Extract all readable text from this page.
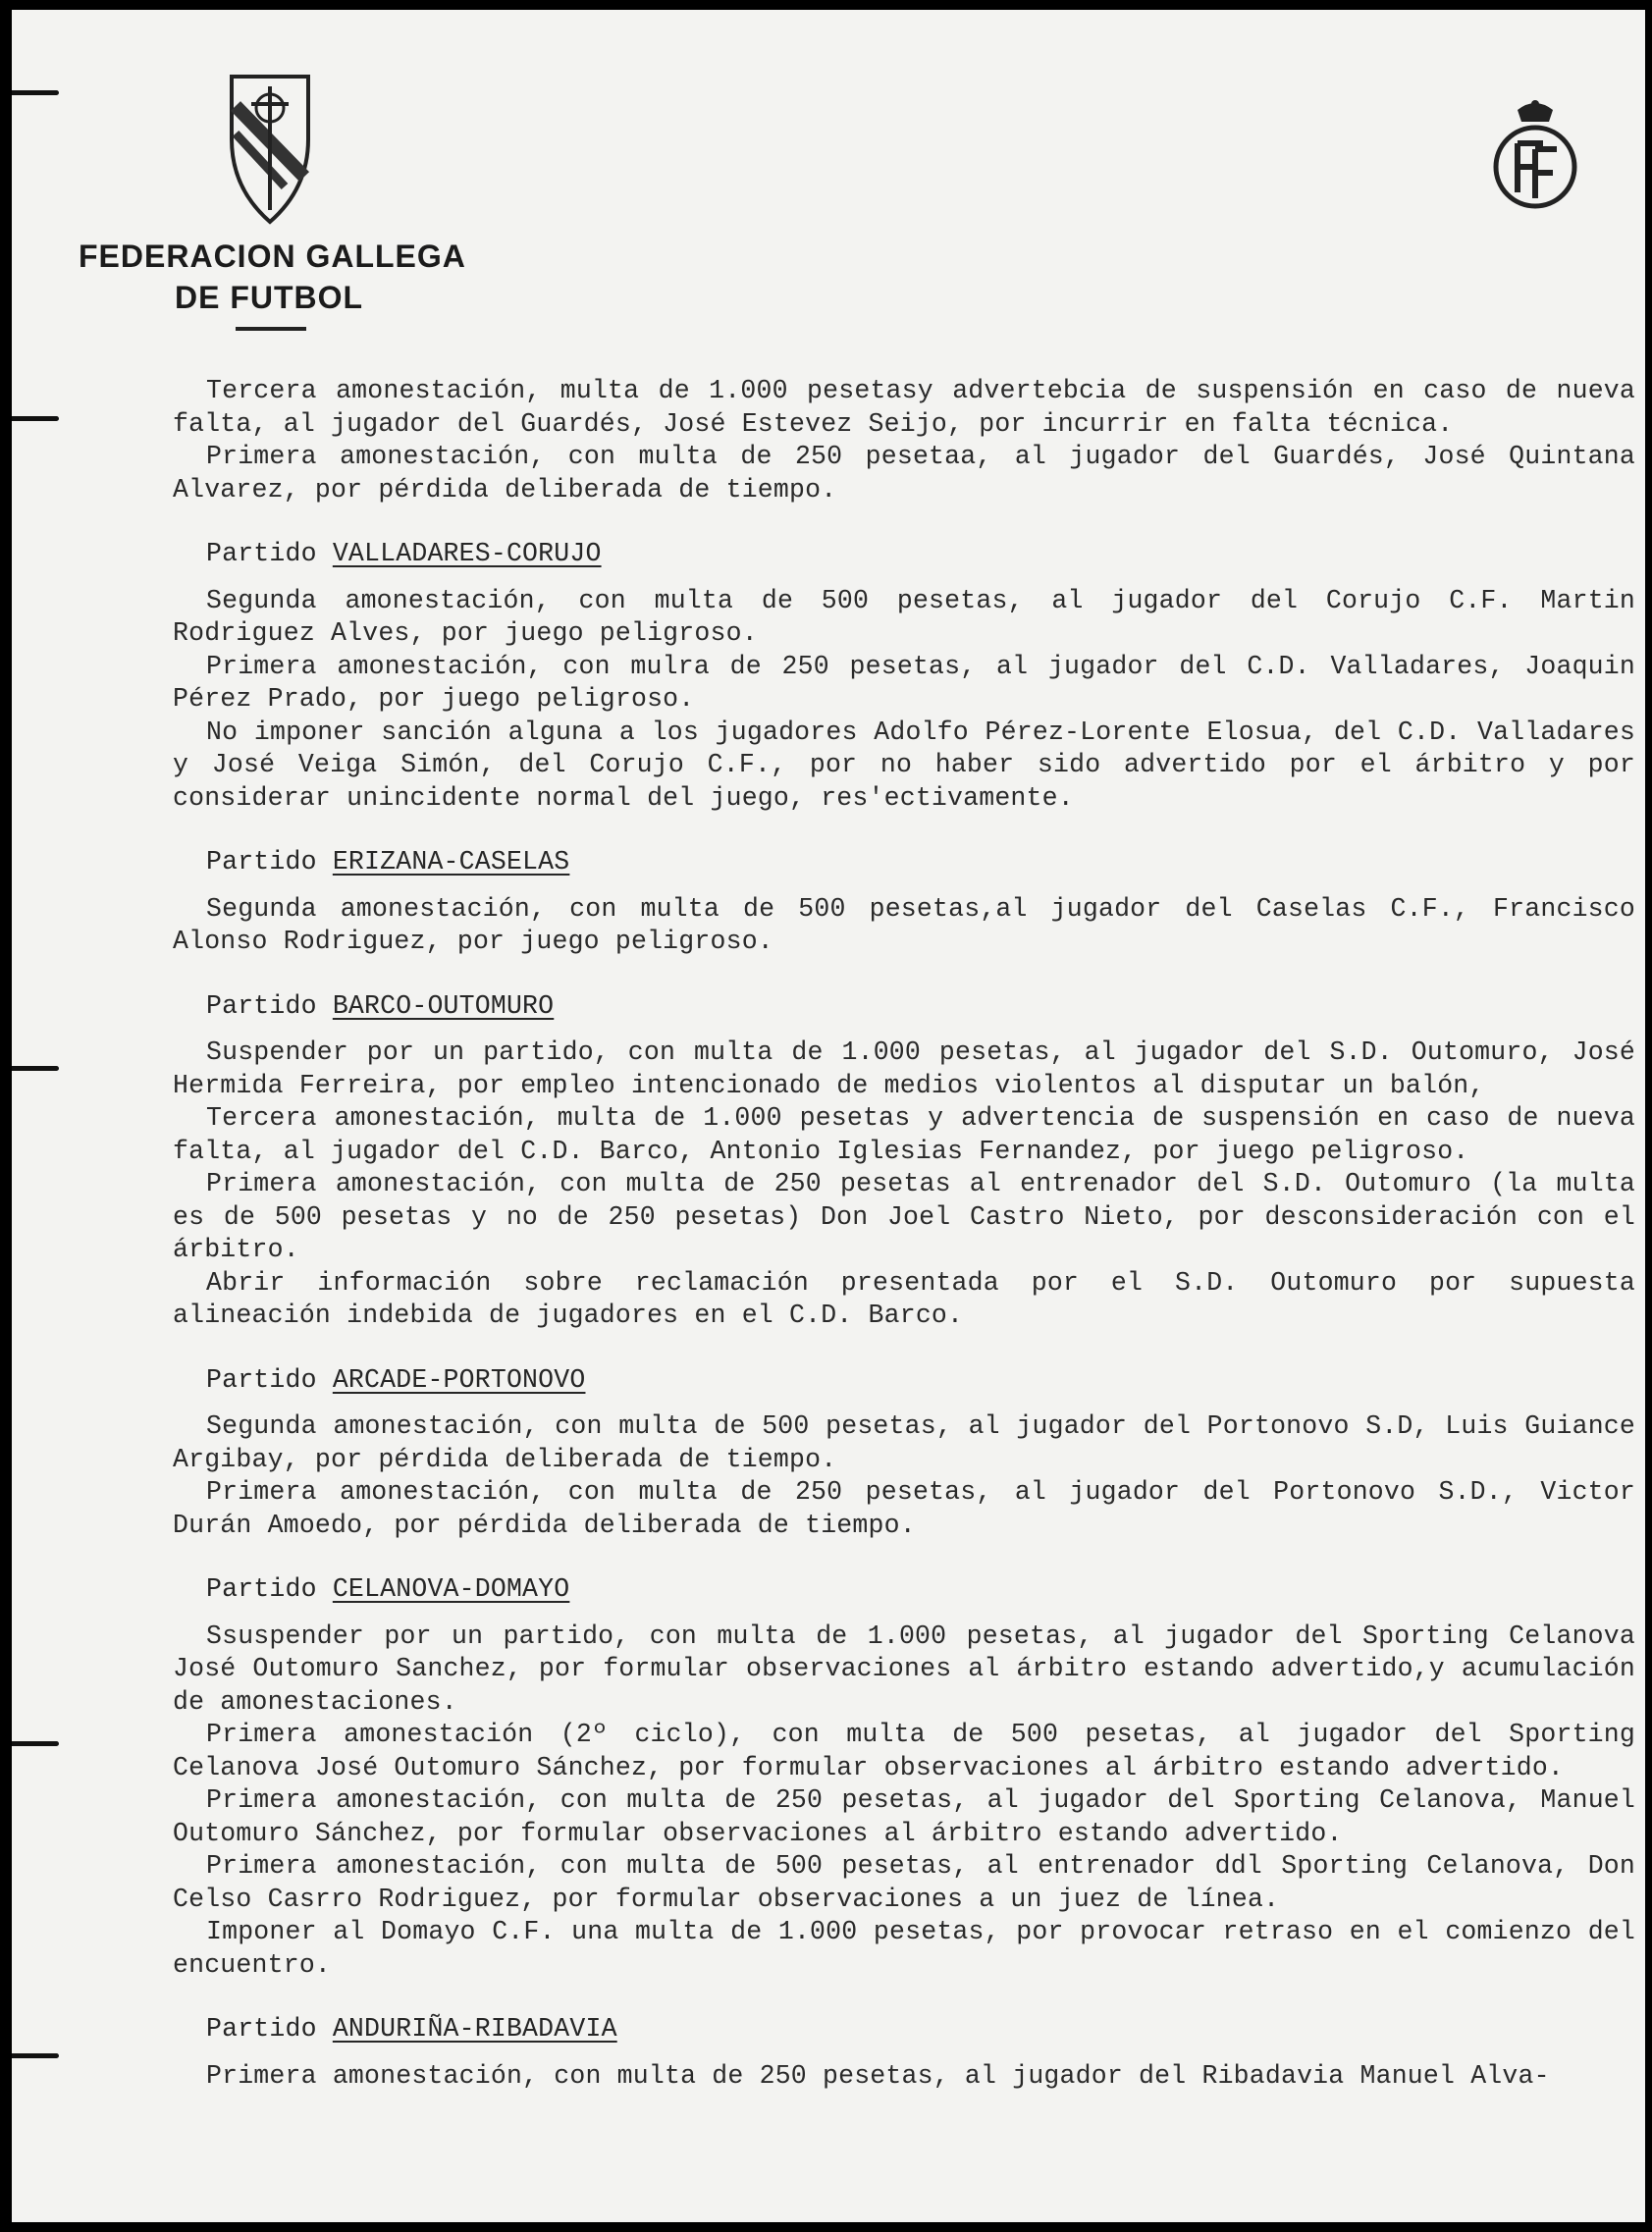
FEDERACION GALLEGA
DE FUTBOL

Tercera amonestación, multa de 1.000 pesetasy advertebcia de suspensión en caso de nueva falta, al jugador del Guardés, José Estevez Seijo, por incurrir en falta técnica.

Primera amonestación, con multa de 250 pesetaa, al jugador del Guardés, José Quintana Alvarez, por pérdida deliberada de tiempo.

Partido VALLADARES-CORUJO

Segunda amonestación, con multa de 500 pesetas, al jugador del Corujo C.F. Martin Rodriguez Alves, por juego peligroso.

Primera amonestación, con mulra de 250 pesetas, al jugador del C.D. Valladares, Joaquin Pérez Prado, por juego peligroso.

No imponer sanción alguna a los jugadores Adolfo Pérez-Lorente Elosua, del C.D. Valladares y José Veiga Simón, del Corujo C.F., por no haber sido advertido por el árbitro y por considerar unincidente normal del juego, res'ectivamente.

Partido ERIZANA-CASELAS

Segunda amonestación, con multa de 500 pesetas,al jugador del Caselas C.F., Francisco Alonso Rodriguez, por juego peligroso.

Partido BARCO-OUTOMURO

Suspender por un partido, con multa de 1.000 pesetas, al jugador del S.D. Outomuro, José Hermida Ferreira, por empleo intencionado de medios violentos al disputar un balón,

Tercera amonestación, multa de 1.000 pesetas y advertencia de suspensión en caso de nueva falta, al jugador del C.D. Barco, Antonio Iglesias Fernandez, por juego peligroso.

Primera amonestación, con multa de 250 pesetas al entrenador del S.D. Outomuro (la multa es de 500 pesetas y no de 250 pesetas) Don Joel Castro Nieto, por desconsideración con el árbitro.

Abrir información sobre reclamación presentada por el S.D. Outomuro por supuesta alineación indebida de jugadores en el C.D. Barco.

Partido ARCADE-PORTONOVO

Segunda amonestación, con multa de 500 pesetas, al jugador del Portonovo S.D, Luis Guiance Argibay, por pérdida deliberada de tiempo.

Primera amonestación, con multa de 250 pesetas, al jugador del Portonovo S.D., Victor Durán Amoedo, por pérdida deliberada de tiempo.

Partido CELANOVA-DOMAYO

Ssuspender por un partido, con multa de 1.000 pesetas, al jugador del Sporting Celanova José Outomuro Sanchez, por formular observaciones al árbitro estando advertido,y acumulación de amonestaciones.

Primera amonestación (2º ciclo), con multa de 500 pesetas, al jugador del Sporting Celanova José Outomuro Sánchez, por formular observaciones al árbitro estando advertido.

Primera amonestación, con multa de 250 pesetas, al jugador del Sporting Celanova, Manuel Outomuro Sánchez, por formular observaciones al árbitro estando advertido.

Primera amonestación, con multa de 500 pesetas, al entrenador ddl Sporting Celanova, Don Celso Casrro Rodriguez, por formular observaciones a un juez de línea.

Imponer al Domayo C.F. una multa de 1.000 pesetas, por provocar retraso en el comienzo del encuentro.

Partido ANDURIÑA-RIBADAVIA

Primera amonestación, con multa de 250 pesetas, al jugador del Ribadavia Manuel Alva-
